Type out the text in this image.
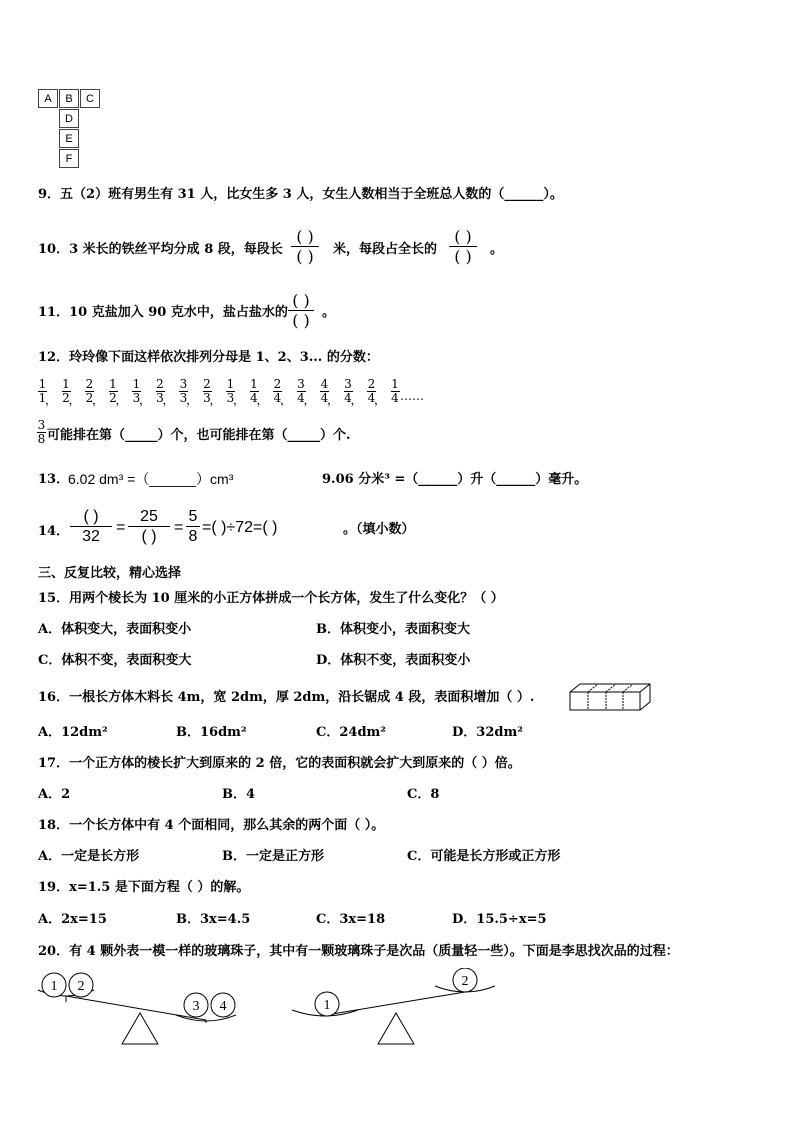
A	B	C
D
E
F
9．五（2）班有男生有 31 人，比女生多 3 人，女生人数相当于全班总人数的（______）。
10．3 米长的铁丝平均分成 8 段，每段长
( )
( ) 米，每段占全长的
( )
( ) 。
11．10 克盐加入 90 克水中，盐占盐水的
( )
( ) 。
12．玲玲像下面这样依次排列分母是 1、2、3... 的分数：
1
1
，
1
2
，
2
2
，
1
2
，
1
3
，
2
3
，
3
3
，
2
3
，
1
3
，
1
4
，
2
4
，
3
4
，
4
4
，
3
4
，
2
4
，
1
4 ……
3
8 可能排在第（_____）个，也可能排在第（_____）个.
13．
6.02 dm³ =（______）cm³	9.06 分米³ =（______）升（______）毫升。
14．
( )
32
=
25
( )
=
5
8
=( )÷72=( )	。（填小数）
三、反复比较，精心选择
15．用两个棱长为 10 厘米的小正方体拼成一个长方体，发生了什么变化？（ ）
A．体积变大，表面积变小	B．体积变小，表面积变大
C．体积不变，表面积变大	D．体积不变，表面积变小
16．一根长方体木料长 4m，宽 2dm，厚 2dm，沿长锯成 4 段，表面积增加（ ）.
A．12dm²	B．16dm²	C．24dm²	D．32dm²
17．一个正方体的棱长扩大到原来的 2 倍，它的表面积就会扩大到原来的（ ）倍。
A．2	B．4	C．8
18．一个长方体中有 4 个面相同，那么其余的两个面（ ）。
A．一定是长方形	B．一定是正方形	C．可能是长方形或正方形
19．x=1.5 是下面方程（ ）的解。
A．2x=15	B．3x=4.5	C．3x=18	D．15.5÷x=5
20．有 4 颗外表一模一样的玻璃珠子，其中有一颗玻璃珠子是次品（质量轻一些）。下面是李思找次品的过程：
1 2
3 4	1
2
